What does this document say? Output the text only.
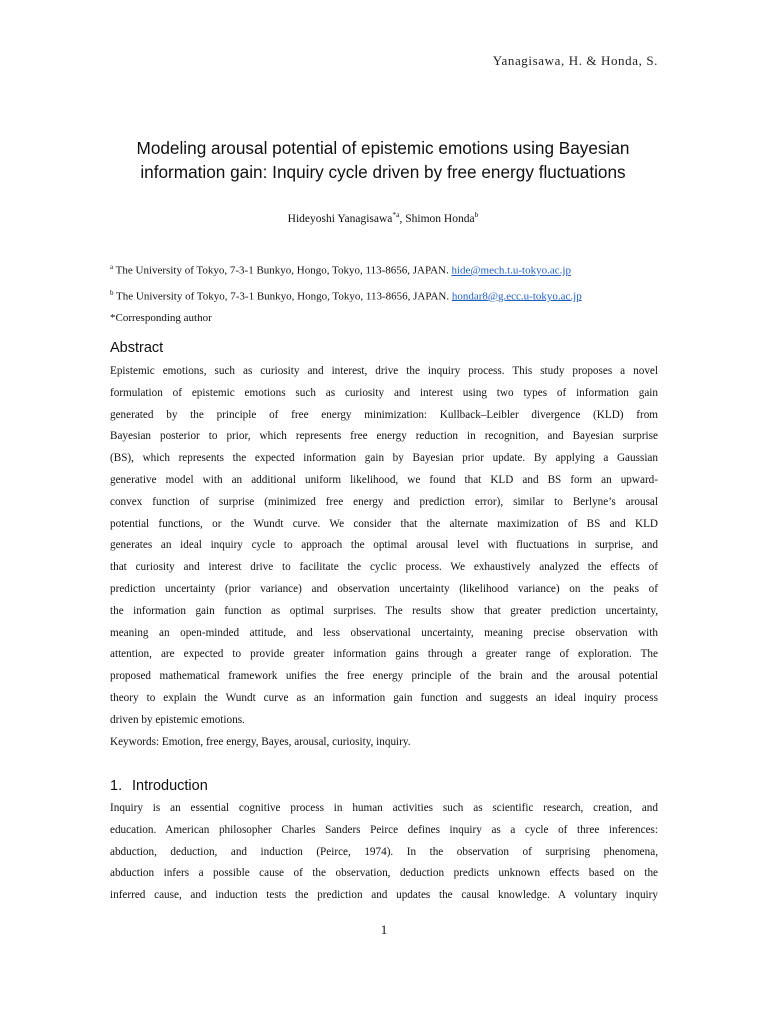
Yanagisawa, H. & Honda, S.
Modeling arousal potential of epistemic emotions using Bayesian
information gain: Inquiry cycle driven by free energy fluctuations
Hideyoshi Yanagisawa$^{*a}$, Shimon Honda$^b$
$^a$ The University of Tokyo, 7-3-1 Bunkyo, Hongo, Tokyo, 113-8656, JAPAN. hide@mech.t.u-tokyo.ac.jp
$^b$ The University of Tokyo, 7-3-1 Bunkyo, Hongo, Tokyo, 113-8656, JAPAN. hondar8@g.ecc.u-tokyo.ac.jp
*Corresponding author
Abstract
Epistemic emotions, such as curiosity and interest, drive the inquiry process. This study proposes a novel
formulation of epistemic emotions such as curiosity and interest using two types of information gain
generated by the principle of free energy minimization: Kullback–Leibler divergence (KLD) from
Bayesian posterior to prior, which represents free energy reduction in recognition, and Bayesian surprise
(BS), which represents the expected information gain by Bayesian prior update. By applying a Gaussian
generative model with an additional uniform likelihood, we found that KLD and BS form an upward-
convex function of surprise (minimized free energy and prediction error), similar to Berlyne’s arousal
potential functions, or the Wundt curve. We consider that the alternate maximization of BS and KLD
generates an ideal inquiry cycle to approach the optimal arousal level with fluctuations in surprise, and
that curiosity and interest drive to facilitate the cyclic process. We exhaustively analyzed the effects of
prediction uncertainty (prior variance) and observation uncertainty (likelihood variance) on the peaks of
the information gain function as optimal surprises. The results show that greater prediction uncertainty,
meaning an open-minded attitude, and less observational uncertainty, meaning precise observation with
attention, are expected to provide greater information gains through a greater range of exploration. The
proposed mathematical framework unifies the free energy principle of the brain and the arousal potential
theory to explain the Wundt curve as an information gain function and suggests an ideal inquiry process
driven by epistemic emotions.
Keywords: Emotion, free energy, Bayes, arousal, curiosity, inquiry.
1. Introduction
Inquiry is an essential cognitive process in human activities such as scientific research, creation, and
education. American philosopher Charles Sanders Peirce defines inquiry as a cycle of three inferences:
abduction, deduction, and induction (Peirce, 1974). In the observation of surprising phenomena,
abduction infers a possible cause of the observation, deduction predicts unknown effects based on the
inferred cause, and induction tests the prediction and updates the causal knowledge. A voluntary inquiry
1
